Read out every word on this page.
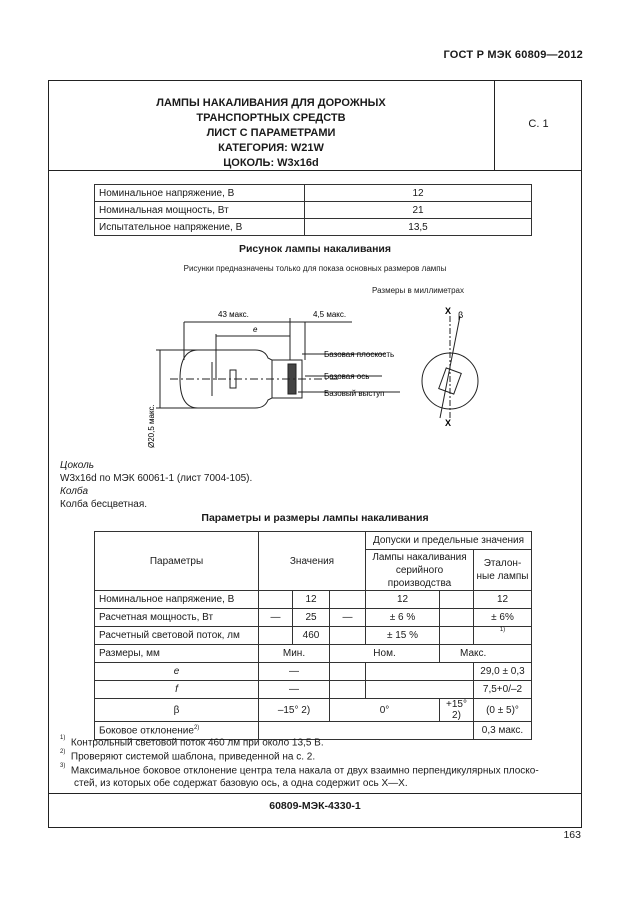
ГОСТ Р МЭК 60809—2012
ЛАМПЫ НАКАЛИВАНИЯ ДЛЯ ДОРОЖНЫХ
ТРАНСПОРТНЫХ СРЕДСТВ
ЛИСТ С ПАРАМЕТРАМИ
КАТЕГОРИЯ: W21W
ЦОКОЛЬ: W3x16d
С. 1
Номинальное напряжение, В	12
Номинальная мощность, Вт	21
Испытательное напряжение, В	13,5
Рисунок лампы накаливания
Рисунки предназначены только для показа основных размеров лампы
Размеры в миллиметрах
43 макс.
e
4,5 макс.
Ø20,5 макс.
Базовая плоскость
Базовая ось
Базовый выступ
X
X
β
Цоколь
W3x16d по МЭК 60061-1 (лист 7004-105).
Колба
Колба бесцветная.
Параметры и размеры лампы накаливания
Параметры	Значения			Допуски и предельные значения		
				Лампы накаливания серийного производства		Эталон-ные лампы

Номинальное напряжение, В		12		12		12
Расчетная мощность, Вт	—	25	—	± 6 %		± 6%
Расчетный световой поток, лм		460		± 15 %		1)
Размеры, мм	Мин.		Ном.		Макс.	
e	—					29,0 ± 0,3
f	—					7,5+0/–2
β	–15° 2)		0°		+15° 2)	(0 ± 5)°
Боковое отклонение$^{2)}$						0,3 макс.
$^{1)}$ Контрольный световой поток 460 лм при около 13,5 В.
$^{2)}$ Проверяют системой шаблона, приведенной на с. 2.
$^{3)}$ Максимальное боковое отклонение центра тела накала от двух взаимно перпендикулярных плоско-
стей, из которых обе содержат базовую ось, а одна содержит ось X—X.
60809-МЭК-4330-1
163
